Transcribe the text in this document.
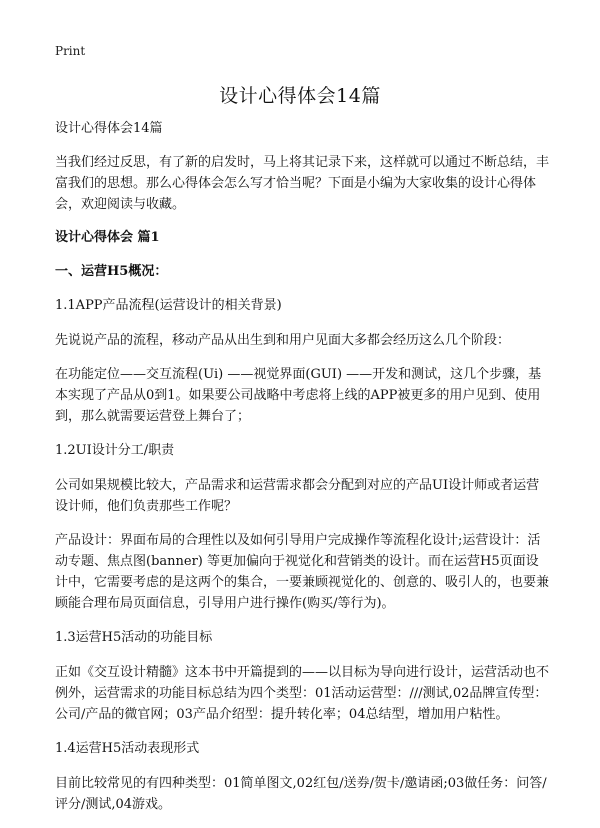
Print
设计心得体会14篇

设计心得体会14篇

当我们经过反思，有了新的启发时，马上将其记录下来，这样就可以通过不断总结，丰富我们的思想。那么心得体会怎么写才恰当呢？下面是小编为大家收集的设计心得体会，欢迎阅读与收藏。

设计心得体会 篇1
一、运营H5概况：
1.1APP产品流程(运营设计的相关背景)

先说说产品的流程，移动产品从出生到和用户见面大多都会经历这么几个阶段：

在功能定位——交互流程(Ui) ——视觉界面(GUI) ——开发和测试，这几个步骤，基本实现了产品从0到1。如果要公司战略中考虑将上线的APP被更多的用户见到、使用到，那么就需要运营登上舞台了；

1.2UI设计分工/职责

公司如果规模比较大，产品需求和运营需求都会分配到对应的产品UI设计师或者运营设计师，他们负责那些工作呢？

产品设计：界面布局的合理性以及如何引导用户完成操作等流程化设计;运营设计：活动专题、焦点图(banner) 等更加偏向于视觉化和营销类的设计。而在运营H5页面设计中，它需要考虑的是这两个的集合，一要兼顾视觉化的、创意的、吸引人的，也要兼顾能合理布局页面信息，引导用户进行操作(购买/等行为)。

1.3运营H5活动的功能目标

正如《交互设计精髓》这本书中开篇提到的——以目标为导向进行设计，运营活动也不例外，运营需求的功能目标总结为四个类型：01活动运营型：///测试,02品牌宣传型：公司/产品的微官网；03产品介绍型：提升转化率；04总结型，增加用户粘性。

1.4运营H5活动表现形式

目前比较常见的有四种类型：01简单图文,02红包/送券/贺卡/邀请函;03做任务：问答/评分/测试,04游戏。
